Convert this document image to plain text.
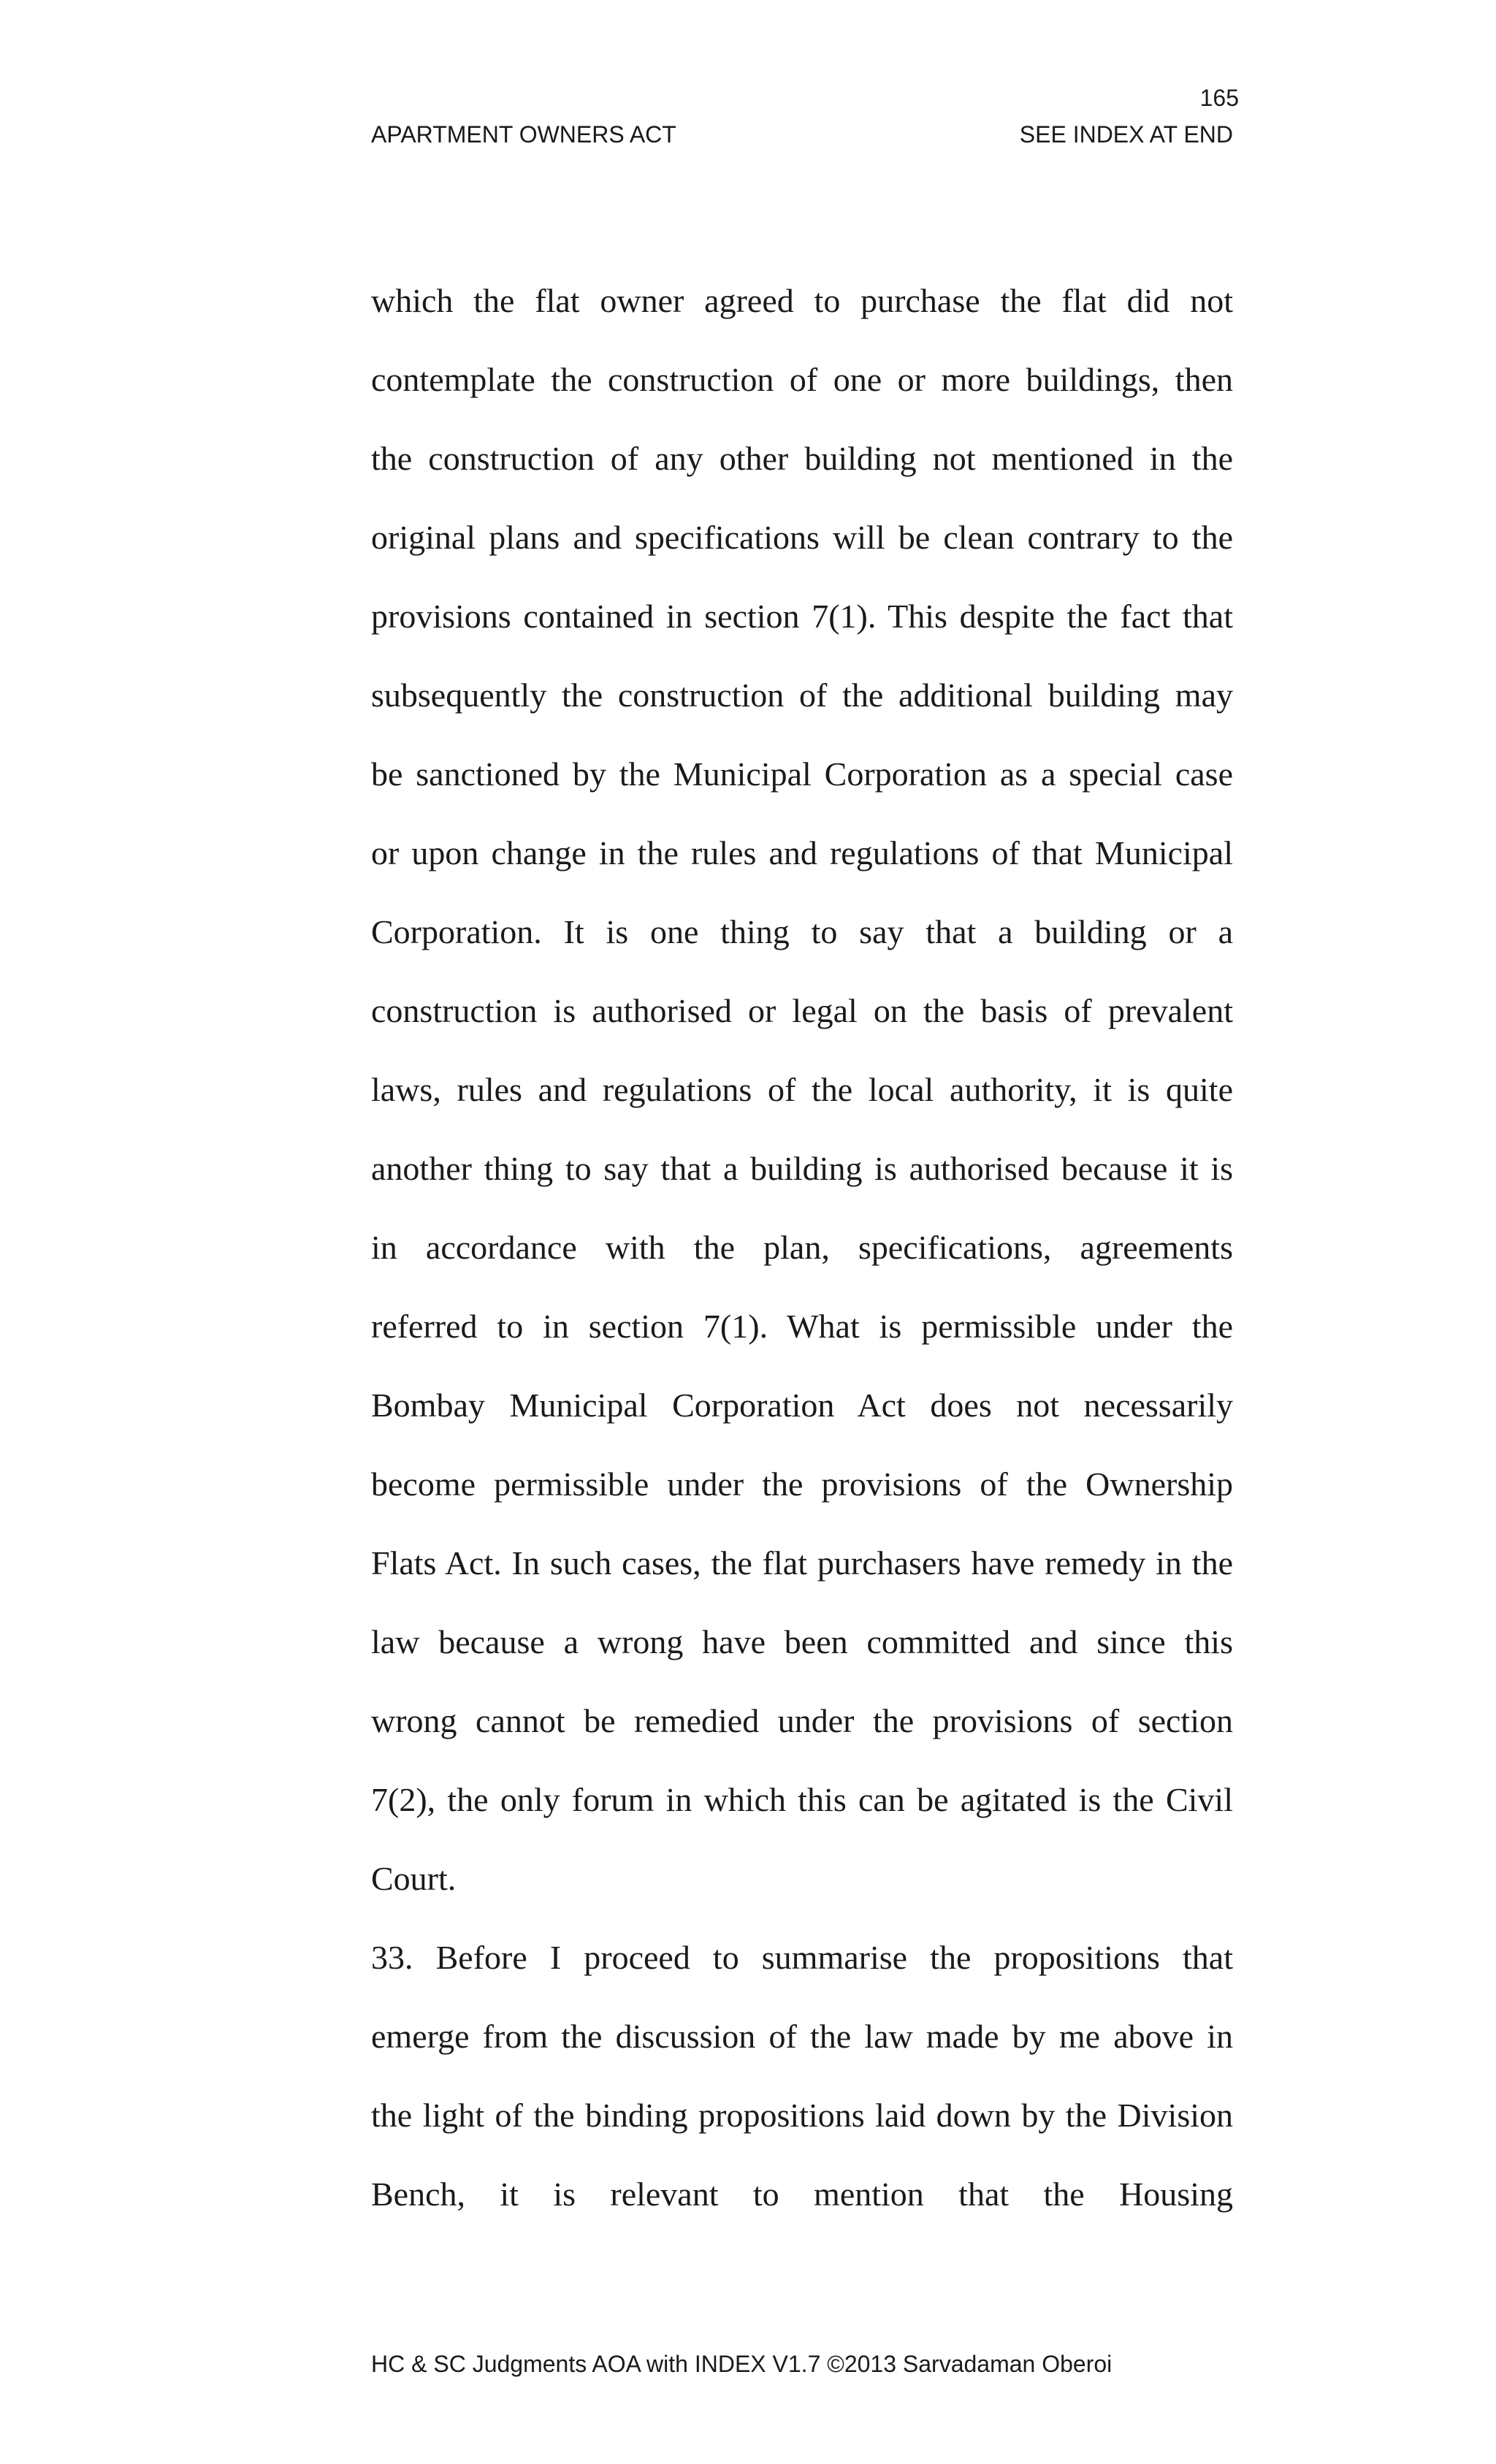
165
APARTMENT OWNERS ACT	SEE INDEX AT END
which the flat owner agreed to purchase the flat did not
contemplate the construction of one or more buildings, then
the construction of any other building not mentioned in the
original plans and specifications will be clean contrary to the
provisions contained in section 7(1). This despite the fact that
subsequently the construction of the additional building may
be sanctioned by the Municipal Corporation as a special case
or upon change in the rules and regulations of that Municipal
Corporation. It is one thing to say that a building or a
construction is authorised or legal on the basis of prevalent
laws, rules and regulations of the local authority, it is quite
another thing to say that a building is authorised because it is
in accordance with the plan, specifications, agreements
referred to in section 7(1). What is permissible under the
Bombay Municipal Corporation Act does not necessarily
become permissible under the provisions of the Ownership
Flats Act. In such cases, the flat purchasers have remedy in the
law because a wrong have been committed and since this
wrong cannot be remedied under the provisions of section
7(2), the only forum in which this can be agitated is the Civil
Court.
33. Before I proceed to summarise the propositions that
emerge from the discussion of the law made by me above in
the light of the binding propositions laid down by the Division
Bench, it is relevant to mention that the Housing
HC & SC Judgments AOA with INDEX V1.7 ©2013 Sarvadaman Oberoi
